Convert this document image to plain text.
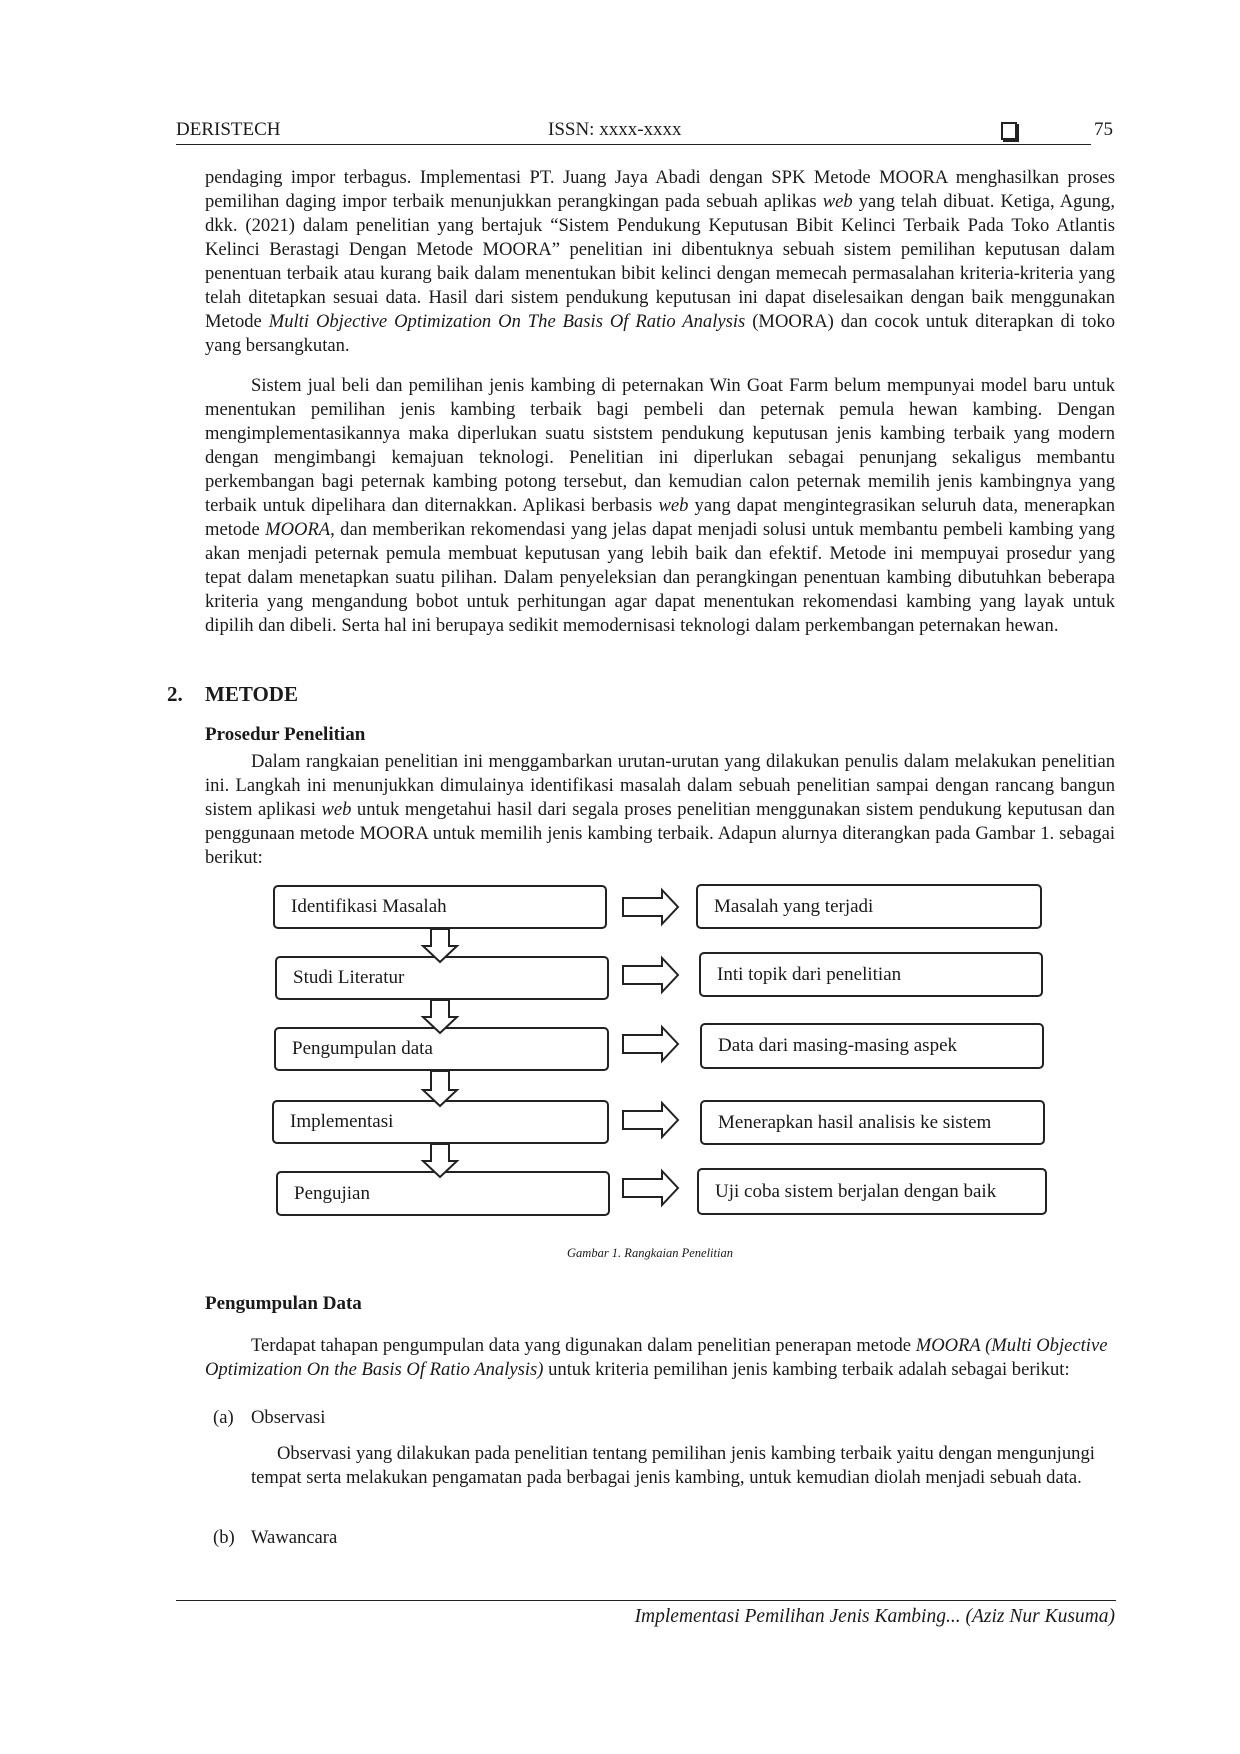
DERISTECH	ISSN: xxxx-xxxx	75

pendaging impor terbagus. Implementasi PT. Juang Jaya Abadi dengan SPK Metode MOORA menghasilkan proses pemilihan daging impor terbaik menunjukkan perangkingan pada sebuah aplikas web yang telah dibuat. Ketiga, Agung, dkk. (2021) dalam penelitian yang bertajuk “Sistem Pendukung Keputusan Bibit Kelinci Terbaik Pada Toko Atlantis Kelinci Berastagi Dengan Metode MOORA” penelitian ini dibentuknya sebuah sistem pemilihan keputusan dalam penentuan terbaik atau kurang baik dalam menentukan bibit kelinci dengan memecah permasalahan kriteria-kriteria yang telah ditetapkan sesuai data. Hasil dari sistem pendukung keputusan ini dapat diselesaikan dengan baik menggunakan Metode Multi Objective Optimization On The Basis Of Ratio Analysis (MOORA) dan cocok untuk diterapkan di toko yang bersangkutan.

Sistem jual beli dan pemilihan jenis kambing di peternakan Win Goat Farm belum mempunyai model baru untuk menentukan pemilihan jenis kambing terbaik bagi pembeli dan peternak pemula hewan kambing. Dengan mengimplementasikannya maka diperlukan suatu siststem pendukung keputusan jenis kambing terbaik yang modern dengan mengimbangi kemajuan teknologi. Penelitian ini diperlukan sebagai penunjang sekaligus membantu perkembangan bagi peternak kambing potong tersebut, dan kemudian calon peternak memilih jenis kambingnya yang terbaik untuk dipelihara dan diternakkan. Aplikasi berbasis web yang dapat mengintegrasikan seluruh data, menerapkan metode MOORA, dan memberikan rekomendasi yang jelas dapat menjadi solusi untuk membantu pembeli kambing yang akan menjadi peternak pemula membuat keputusan yang lebih baik dan efektif. Metode ini mempuyai prosedur yang tepat dalam menetapkan suatu pilihan. Dalam penyeleksian dan perangkingan penentuan kambing dibutuhkan beberapa kriteria yang mengandung bobot untuk perhitungan agar dapat menentukan rekomendasi kambing yang layak untuk dipilih dan dibeli. Serta hal ini berupaya sedikit memodernisasi teknologi dalam perkembangan peternakan hewan.

2. METODE
Prosedur Penelitian

Dalam rangkaian penelitian ini menggambarkan urutan-urutan yang dilakukan penulis dalam melakukan penelitian ini. Langkah ini menunjukkan dimulainya identifikasi masalah dalam sebuah penelitian sampai dengan rancang bangun sistem aplikasi web untuk mengetahui hasil dari segala proses penelitian menggunakan sistem pendukung keputusan dan penggunaan metode MOORA untuk memilih jenis kambing terbaik. Adapun alurnya diterangkan pada Gambar 1. sebagai berikut:

Identifikasi Masalah
Studi Literatur
Pengumpulan data
Implementasi
Pengujian
Masalah yang terjadi
Inti topik dari penelitian
Data dari masing-masing aspek
Menerapkan hasil analisis ke sistem
Uji coba sistem berjalan dengan baik
Gambar 1. Rangkaian Penelitian
Pengumpulan Data

Terdapat tahapan pengumpulan data yang digunakan dalam penelitian penerapan metode MOORA (Multi Objective Optimization On the Basis Of Ratio Analysis) untuk kriteria pemilihan jenis kambing terbaik adalah sebagai berikut:

(a) Observasi

Observasi yang dilakukan pada penelitian tentang pemilihan jenis kambing terbaik yaitu dengan mengunjungi tempat serta melakukan pengamatan pada berbagai jenis kambing, untuk kemudian diolah menjadi sebuah data.

(b) Wawancara
Implementasi Pemilihan Jenis Kambing... (Aziz Nur Kusuma)
